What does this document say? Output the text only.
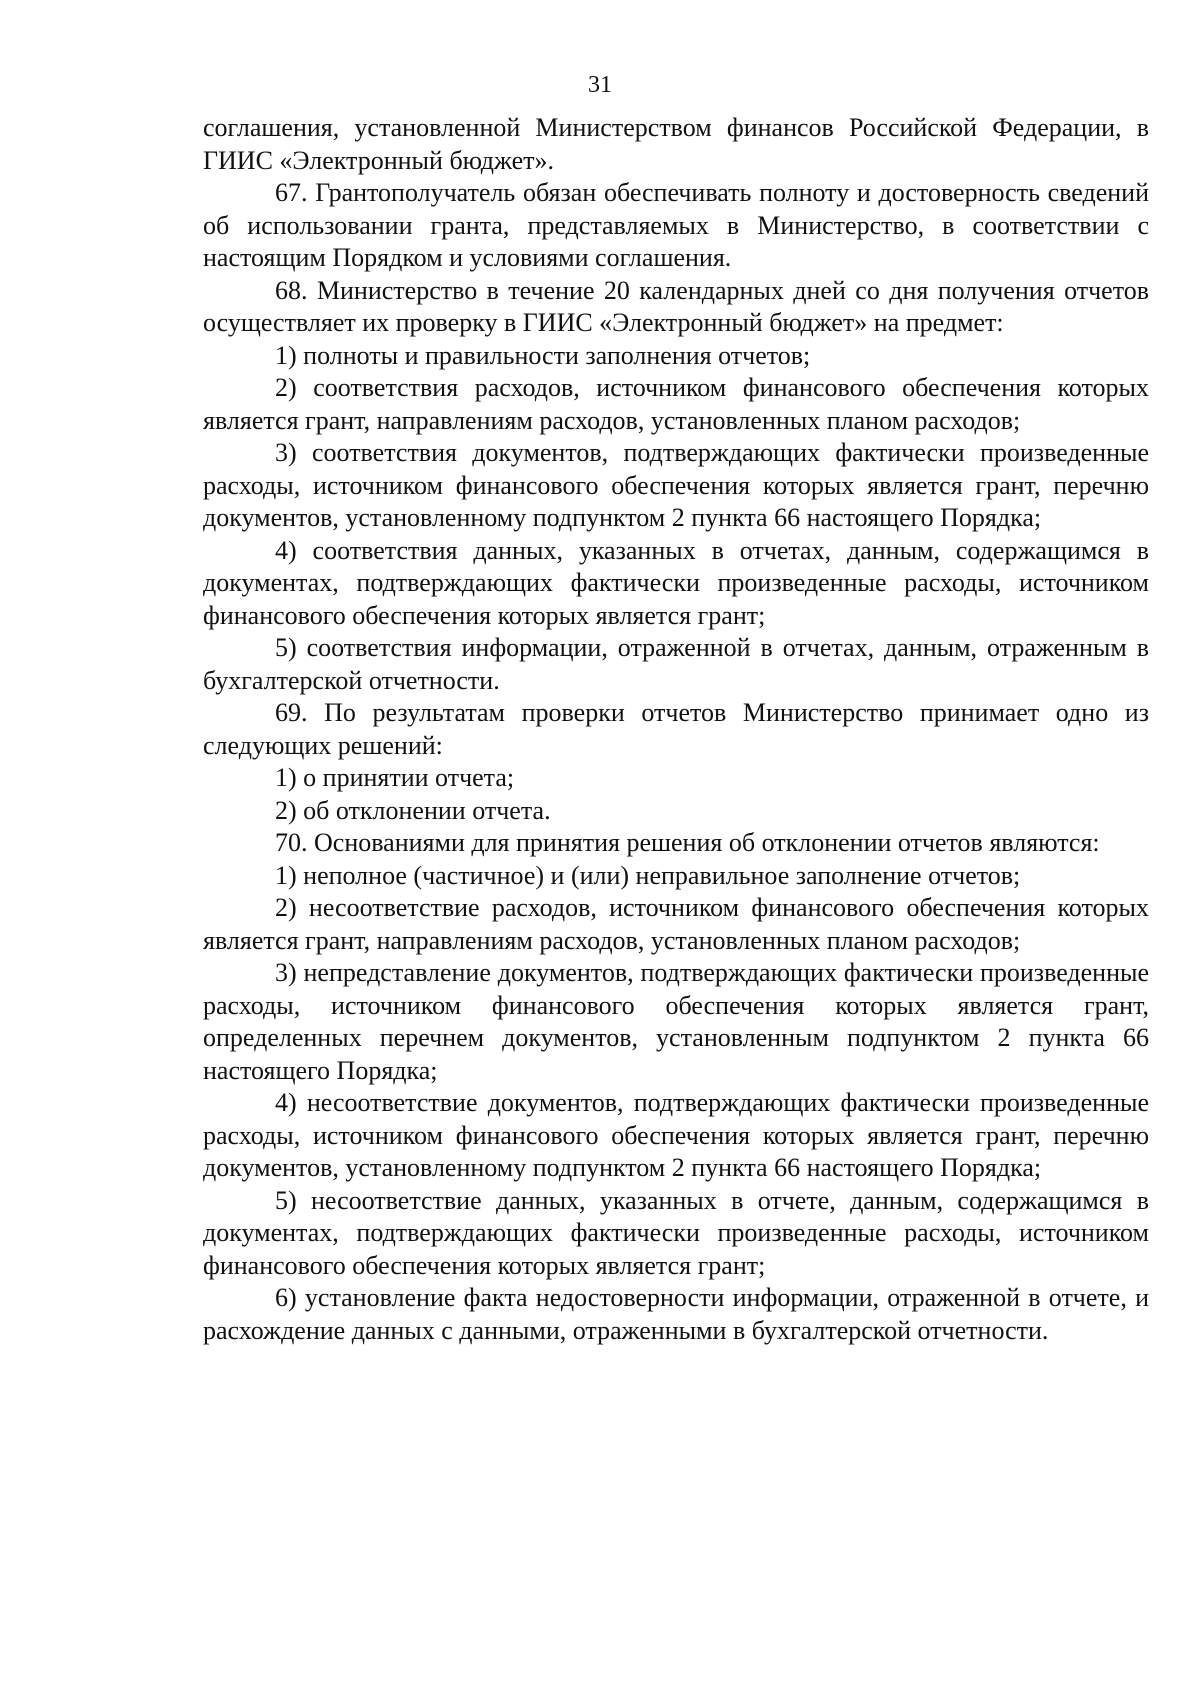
31

соглашения, установленной Министерством финансов Российской Федерации, в ГИИС «Электронный бюджет».

67. Грантополучатель обязан обеспечивать полноту и достоверность сведений об использовании гранта, представляемых в Министерство, в соответствии с настоящим Порядком и условиями соглашения.

68. Министерство в течение 20 календарных дней со дня получения отчетов осуществляет их проверку в ГИИС «Электронный бюджет» на предмет:

1) полноты и правильности заполнения отчетов;

2) соответствия расходов, источником финансового обеспечения которых является грант, направлениям расходов, установленных планом расходов;

3) соответствия документов, подтверждающих фактически произведенные расходы, источником финансового обеспечения которых является грант, перечню документов, установленному подпунктом 2 пункта 66 настоящего Порядка;

4) соответствия данных, указанных в отчетах, данным, содержащимся в документах, подтверждающих фактически произведенные расходы, источником финансового обеспечения которых является грант;

5) соответствия информации, отраженной в отчетах, данным, отраженным в бухгалтерской отчетности.

69. По результатам проверки отчетов Министерство принимает одно из следующих решений:

1) о принятии отчета;

2) об отклонении отчета.

70. Основаниями для принятия решения об отклонении отчетов являются:

1) неполное (частичное) и (или) неправильное заполнение отчетов;

2) несоответствие расходов, источником финансового обеспечения которых является грант, направлениям расходов, установленных планом расходов;

3) непредставление документов, подтверждающих фактически произведенные расходы, источником финансового обеспечения которых является грант, определенных перечнем документов, установленным подпунктом 2 пункта 66 настоящего Порядка;

4) несоответствие документов, подтверждающих фактически произведенные расходы, источником финансового обеспечения которых является грант, перечню документов, установленному подпунктом 2 пункта 66 настоящего Порядка;

5) несоответствие данных, указанных в отчете, данным, содержащимся в документах, подтверждающих фактически произведенные расходы, источником финансового обеспечения которых является грант;

6) установление факта недостоверности информации, отраженной в отчете, и расхождение данных с данными, отраженными в бухгалтерской отчетности.
